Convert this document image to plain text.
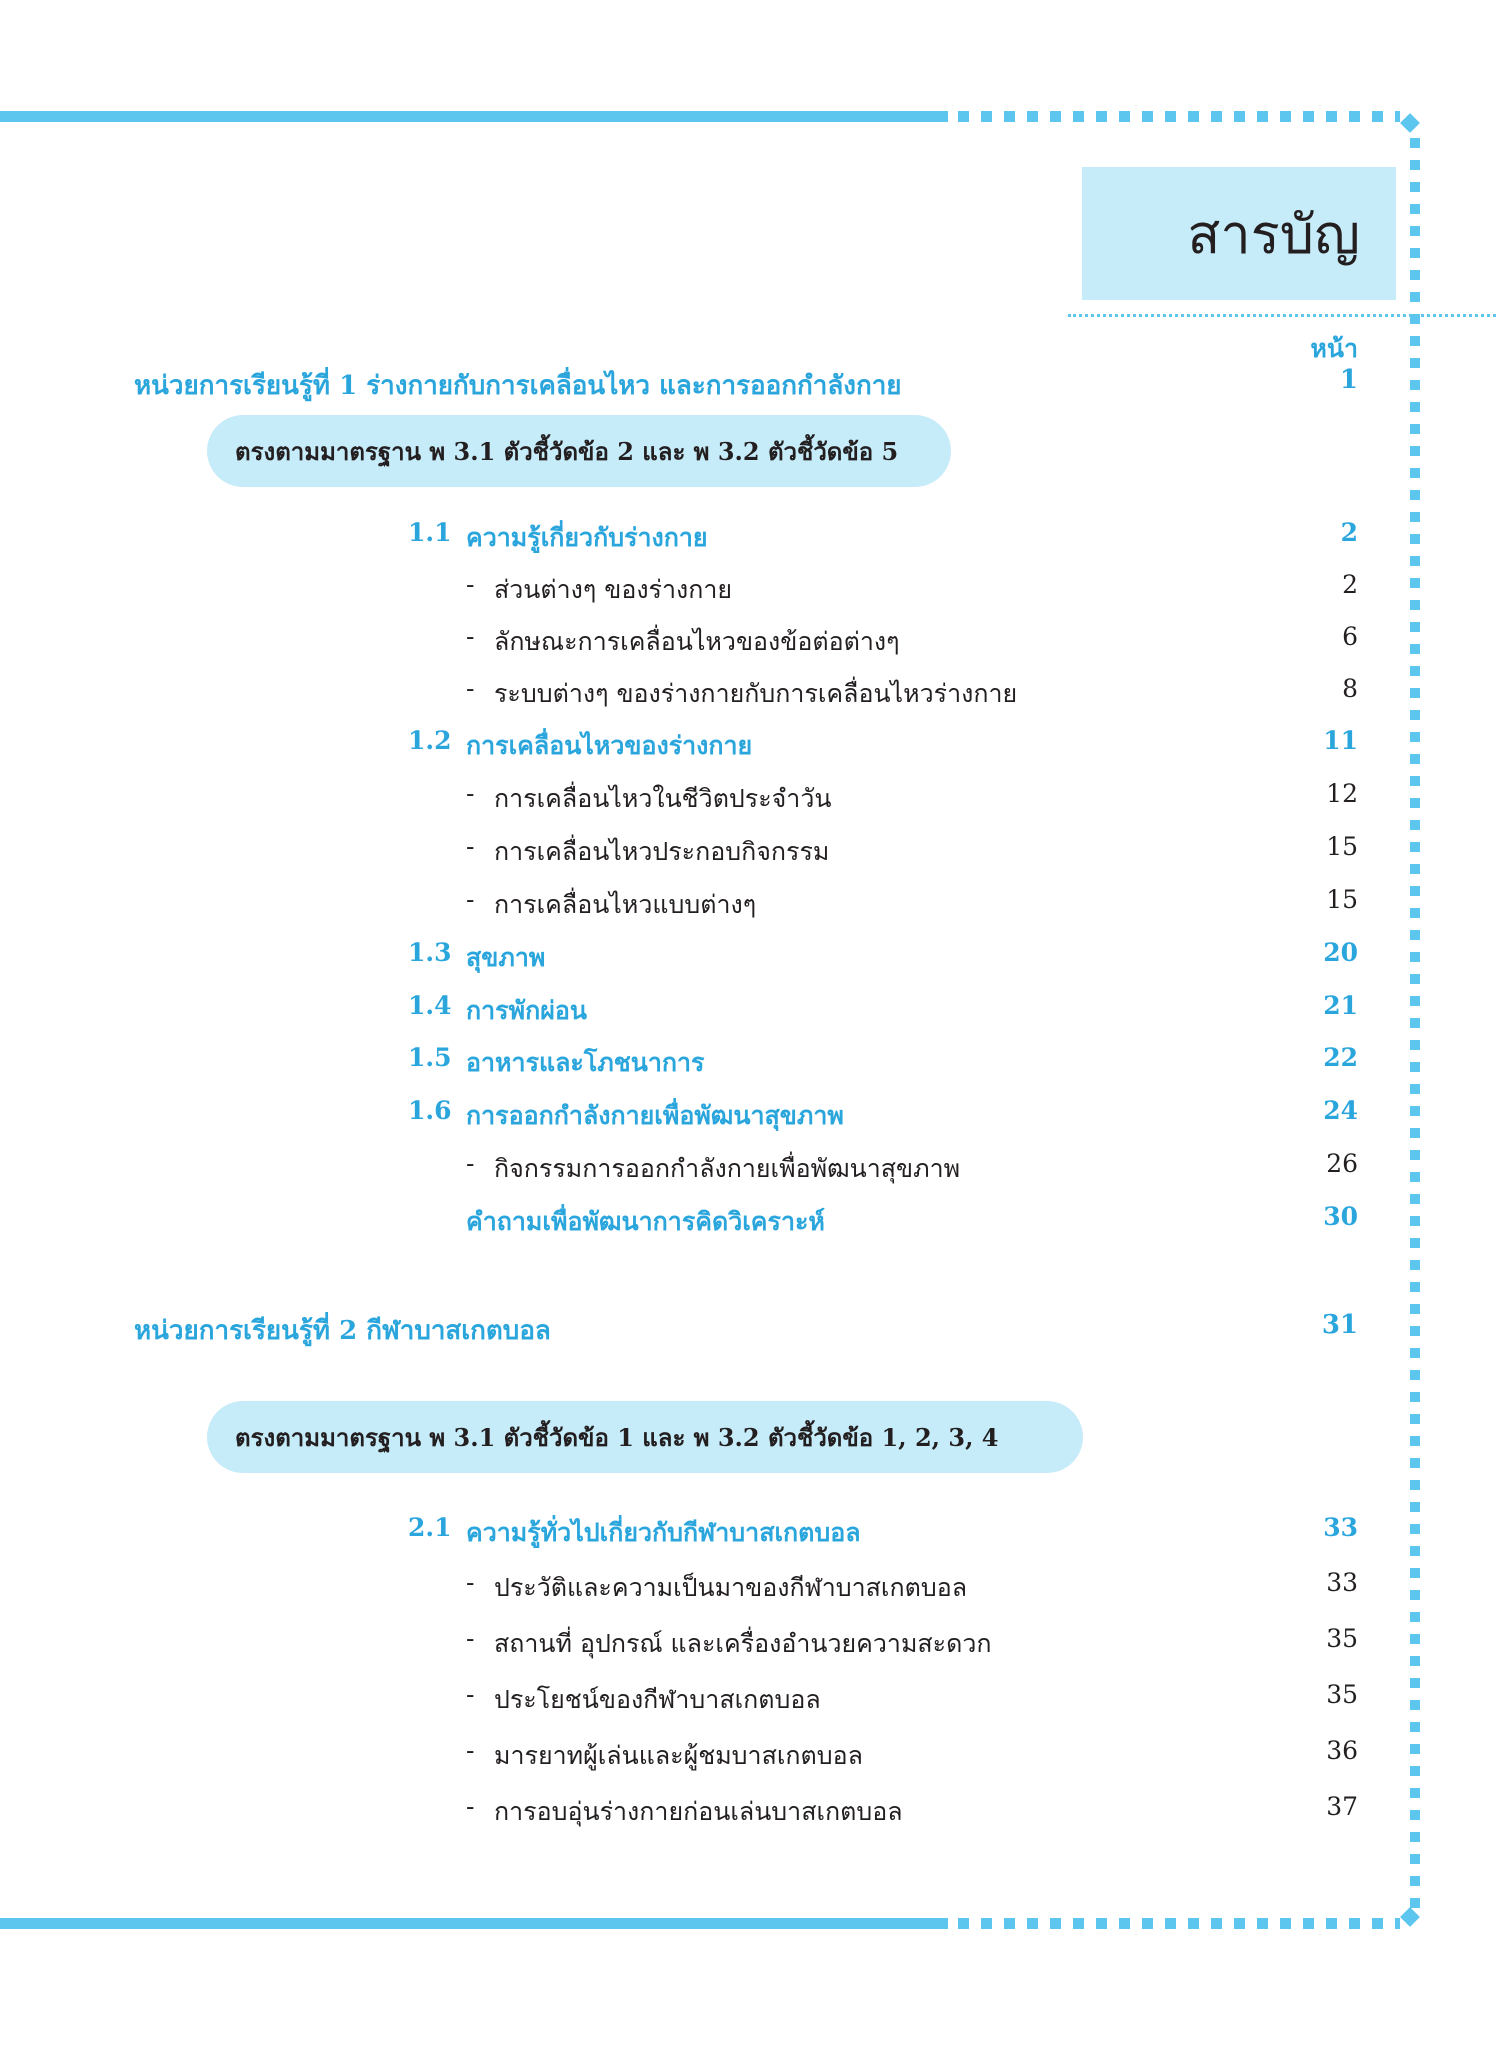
สารบัญ
หน้า
หน่วยการเรียนรู้ที่ 1 ร่างกายกับการเคลื่อนไหว และการออกกำลังกาย	1
ตรงตามมาตรฐาน พ 3.1 ตัวชี้วัดข้อ 2 และ พ 3.2 ตัวชี้วัดข้อ 5
1.1 ความรู้เกี่ยวกับร่างกาย	2
- ส่วนต่างๆ ของร่างกาย	2
- ลักษณะการเคลื่อนไหวของข้อต่อต่างๆ	6
- ระบบต่างๆ ของร่างกายกับการเคลื่อนไหวร่างกาย	8
1.2 การเคลื่อนไหวของร่างกาย	11
- การเคลื่อนไหวในชีวิตประจำวัน	12
- การเคลื่อนไหวประกอบกิจกรรม	15
- การเคลื่อนไหวแบบต่างๆ	15
1.3 สุขภาพ	20
1.4 การพักผ่อน	21
1.5 อาหารและโภชนาการ	22
1.6 การออกกำลังกายเพื่อพัฒนาสุขภาพ	24
- กิจกรรมการออกกำลังกายเพื่อพัฒนาสุขภาพ	26
คำถามเพื่อพัฒนาการคิดวิเคราะห์	30
หน่วยการเรียนรู้ที่ 2 กีฬาบาสเกตบอล	31
ตรงตามมาตรฐาน พ 3.1 ตัวชี้วัดข้อ 1 และ พ 3.2 ตัวชี้วัดข้อ 1, 2, 3, 4
2.1 ความรู้ทั่วไปเกี่ยวกับกีฬาบาสเกตบอล	33
- ประวัติและความเป็นมาของกีฬาบาสเกตบอล	33
- สถานที่ อุปกรณ์ และเครื่องอำนวยความสะดวก	35
- ประโยชน์ของกีฬาบาสเกตบอล	35
- มารยาทผู้เล่นและผู้ชมบาสเกตบอล	36
- การอบอุ่นร่างกายก่อนเล่นบาสเกตบอล	37
